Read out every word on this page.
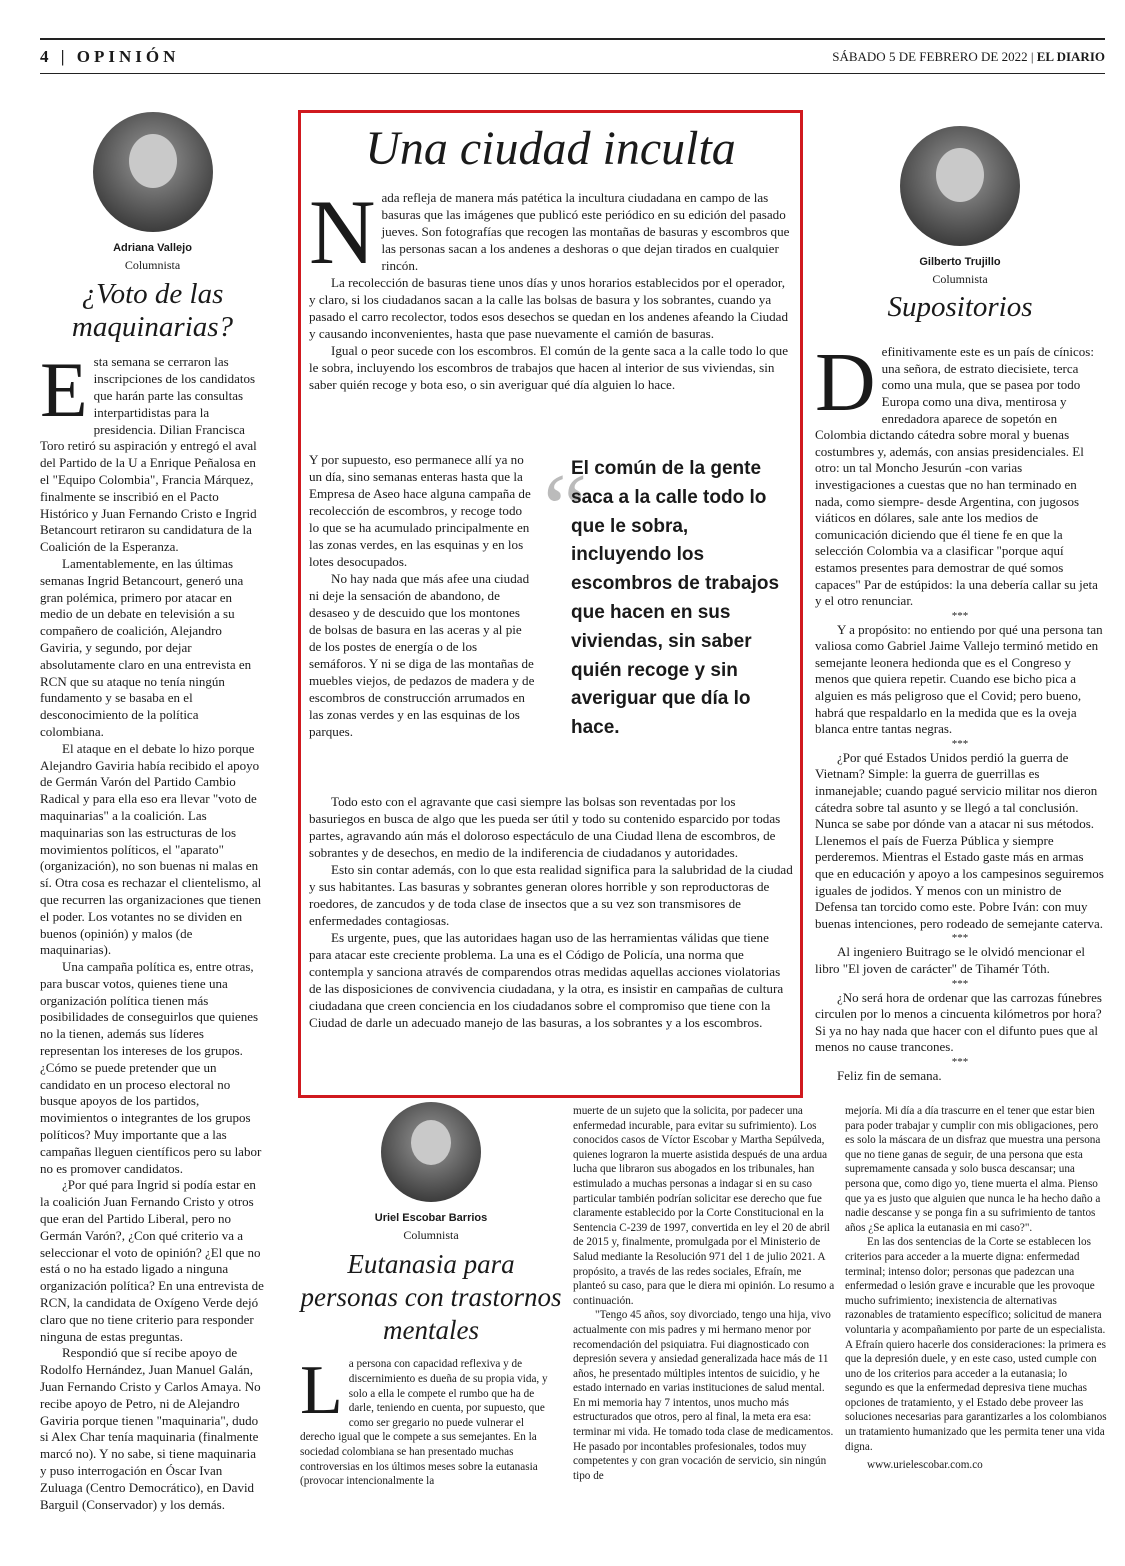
4 | OPINIÓN	SÁBADO 5 DE FEBRERO DE 2022 | EL DIARIO
Adriana Vallejo
Columnista
¿Voto de las maquinarias?
Esta semana se cerraron las inscripciones de los candidatos que harán parte las consultas interpartidistas para la presidencia. Dilian Francisca Toro retiró su aspiración y entregó el aval del Partido de la U a Enrique Peñalosa en el "Equipo Colombia", Francia Márquez, finalmente se inscribió en el Pacto Histórico y Juan Fernando Cristo e Ingrid Betancourt retiraron su candidatura de la Coalición de la Esperanza.

Lamentablemente, en las últimas semanas Ingrid Betancourt, generó una gran polémica, primero por atacar en medio de un debate en televisión a su compañero de coalición, Alejandro Gaviria, y segundo, por dejar absolutamente claro en una entrevista en RCN que su ataque no tenía ningún fundamento y se basaba en el desconocimiento de la política colombiana.

El ataque en el debate lo hizo porque Alejandro Gaviria había recibido el apoyo de Germán Varón del Partido Cambio Radical y para ella eso era llevar "voto de maquinarias" a la coalición. Las maquinarias son las estructuras de los movimientos políticos, el "aparato" (organización), no son buenas ni malas en sí. Otra cosa es rechazar el clientelismo, al que recurren las organizaciones que tienen el poder. Los votantes no se dividen en buenos (opinión) y malos (de maquinarias).

Una campaña política es, entre otras, para buscar votos, quienes tiene una organización política tienen más posibilidades de conseguirlos que quienes no la tienen, además sus líderes representan los intereses de los grupos. ¿Cómo se puede pretender que un candidato en un proceso electoral no busque apoyos de los partidos, movimientos o integrantes de los grupos políticos? Muy importante que a las campañas lleguen científicos pero su labor no es promover candidatos.

¿Por qué para Ingrid si podía estar en la coalición Juan Fernando Cristo y otros que eran del Partido Liberal, pero no Germán Varón?, ¿Con qué criterio va a seleccionar el voto de opinión? ¿El que no está o no ha estado ligado a ninguna organización política? En una entrevista de RCN, la candidata de Oxígeno Verde dejó claro que no tiene criterio para responder ninguna de estas preguntas.

Respondió que sí recibe apoyo de Rodolfo Hernández, Juan Manuel Galán, Juan Fernando Cristo y Carlos Amaya. No recibe apoyo de Petro, ni de Alejandro Gaviria porque tienen "maquinaria", dudo si Alex Char tenía maquinaria (finalmente marcó no). Y no sabe, si tiene maquinaria y puso interrogación en Óscar Ivan Zuluaga (Centro Democrático), en David Barguil (Conservador) y los demás.

Una ciudad inculta
Nada refleja de manera más patética la incultura ciudadana en campo de las basuras que las imágenes que publicó este periódico en su edición del pasado jueves. Son fotografías que recogen las montañas de basuras y escombros que las personas sacan a los andenes a deshoras o que dejan tirados en cualquier rincón.

La recolección de basuras tiene unos días y unos horarios establecidos por el operador, y claro, si los ciudadanos sacan a la calle las bolsas de basura y los sobrantes, cuando ya pasado el carro recolector, todos esos desechos se quedan en los andenes afeando la Ciudad y causando inconvenientes, hasta que pase nuevamente el camión de basuras.

Igual o peor sucede con los escombros. El común de la gente saca a la calle todo lo que le sobra, incluyendo los escombros de trabajos que hacen al interior de sus viviendas, sin saber quién recoge y bota eso, o sin averiguar qué día alguien lo hace.

Y por supuesto, eso permanece allí ya no un día, sino semanas enteras hasta que la Empresa de Aseo hace alguna campaña de recolección de escombros, y recoge todo lo que se ha acumulado principalmente en las zonas verdes, en las esquinas y en los lotes desocupados.

No hay nada que más afee una ciudad ni deje la sensación de abandono, de desaseo y de descuido que los montones de bolsas de basura en las aceras y al pie de los postes de energía o de los semáforos. Y ni se diga de las montañas de muebles viejos, de pedazos de madera y de escombros de construcción arrumados en las zonas verdes y en las esquinas de los parques.

“
El común de la gente saca a la calle todo lo que le sobra, incluyendo los escombros de trabajos que hacen en sus viviendas, sin saber quién recoge y sin averiguar que día lo hace.

Todo esto con el agravante que casi siempre las bolsas son reventadas por los basuriegos en busca de algo que les pueda ser útil y todo su contenido esparcido por todas partes, agravando aún más el doloroso espectáculo de una Ciudad llena de escombros, de sobrantes y de desechos, en medio de la indiferencia de ciudadanos y autoridades.

Esto sin contar además, con lo que esta realidad significa para la salubridad de la ciudad y sus habitantes. Las basuras y sobrantes generan olores horrible y son reproductoras de roedores, de zancudos y de toda clase de insectos que a su vez son transmisores de enfermedades contagiosas.

Es urgente, pues, que las autoridaes hagan uso de las herramientas válidas que tiene para atacar este creciente problema. La una es el Código de Policía, una norma que contempla y sanciona através de comparendos otras medidas aquellas acciones violatorias de las disposiciones de convivencia ciudadana, y la otra, es insistir en campañas de cultura ciudadana que creen conciencia en los ciudadanos sobre el compromiso que tiene con la Ciudad de darle un adecuado manejo de las basuras, a los sobrantes y a los escombros.

Gilberto Trujillo
Columnista
Supositorios
D efinitivamente este es un país de cínicos: una señora, de estrato diecisiete, terca como una mula, que se pasea por todo Europa como una diva, mentirosa y enredadora aparece de sopetón en Colombia dictando cátedra sobre moral y buenas costumbres y, además, con ansias presidenciales. El otro: un tal Moncho Jesurún -con varias investigaciones a cuestas que no han terminado en nada, como siempre- desde Argentina, con jugosos viáticos en dólares, sale ante los medios de comunicación diciendo que él tiene fe en que la selección Colombia va a clasificar "porque aquí estamos presentes para demostrar de qué somos capaces" Par de estúpidos: la una debería callar su jeta y el otro renunciar.
***

Y a propósito: no entiendo por qué una persona tan valiosa como Gabriel Jaime Vallejo terminó metido en semejante leonera hedionda que es el Congreso y menos que quiera repetir. Cuando ese bicho pica a alguien es más peligroso que el Covid; pero bueno, habrá que respaldarlo en la medida que es la oveja blanca entre tantas negras.

***

¿Por qué Estados Unidos perdió la guerra de Vietnam? Simple: la guerra de guerrillas es inmanejable; cuando pagué servicio militar nos dieron cátedra sobre tal asunto y se llegó a tal conclusión. Nunca se sabe por dónde van a atacar ni sus métodos. Llenemos el país de Fuerza Pública y siempre perderemos. Mientras el Estado gaste más en armas que en educación y apoyo a los campesinos seguiremos iguales de jodidos. Y menos con un ministro de Defensa tan torcido como este. Pobre Iván: con muy buenas intenciones, pero rodeado de semejante caterva.

***

Al ingeniero Buitrago se le olvidó mencionar el libro "El joven de carácter" de Tihamér Tóth.

***

¿No será hora de ordenar que las carrozas fúnebres circulen por lo menos a cincuenta kilómetros por hora? Si ya no hay nada que hacer con el difunto pues que al menos no cause trancones.

***

Feliz fin de semana.

Uriel Escobar Barrios
Columnista
Eutanasia para personas con trastornos mentales
La persona con capacidad reflexiva y de discernimiento es dueña de su propia vida, y solo a ella le compete el rumbo que ha de darle, teniendo en cuenta, por supuesto, que como ser gregario no puede vulnerar el derecho igual que le compete a sus semejantes. En la sociedad colombiana se han presentado muchas controversias en los últimos meses sobre la eutanasia (provocar intencionalmente la
muerte de un sujeto que la solicita, por padecer una enfermedad incurable, para evitar su sufrimiento). Los conocidos casos de Víctor Escobar y Martha Sepúlveda, quienes lograron la muerte asistida después de una ardua lucha que libraron sus abogados en los tribunales, han estimulado a muchas personas a indagar si en su caso particular también podrían solicitar ese derecho que fue claramente establecido por la Corte Constitucional en la Sentencia C-239 de 1997, convertida en ley el 20 de abril de 2015 y, finalmente, promulgada por el Ministerio de Salud mediante la Resolución 971 del 1 de julio 2021. A propósito, a través de las redes sociales, Efraín, me planteó su caso, para que le diera mi opinión. Lo resumo a continuación.

"Tengo 45 años, soy divorciado, tengo una hija, vivo actualmente con mis padres y mi hermano menor por recomendación del psiquiatra. Fui diagnosticado con depresión severa y ansiedad generalizada hace más de 11 años, he presentado múltiples intentos de suicidio, y he estado internado en varias instituciones de salud mental. En mi memoria hay 7 intentos, unos mucho más estructurados que otros, pero al final, la meta era esa: terminar mi vida. He tomado toda clase de medicamentos. He pasado por incontables profesionales, todos muy competentes y con gran vocación de servicio, sin ningún tipo de

mejoría. Mi día a día trascurre en el tener que estar bien para poder trabajar y cumplir con mis obligaciones, pero es solo la máscara de un disfraz que muestra una persona que no tiene ganas de seguir, de una persona que esta supremamente cansada y solo busca descansar; una persona que, como digo yo, tiene muerta el alma. Pienso que ya es justo que alguien que nunca le ha hecho daño a nadie descanse y se ponga fin a su sufrimiento de tantos años ¿Se aplica la eutanasia en mi caso?".

En las dos sentencias de la Corte se establecen los criterios para acceder a la muerte digna: enfermedad terminal; intenso dolor; personas que padezcan una enfermedad o lesión grave e incurable que les provoque mucho sufrimiento; inexistencia de alternativas razonables de tratamiento específico; solicitud de manera voluntaria y acompañamiento por parte de un especialista. A Efraín quiero hacerle dos consideraciones: la primera es que la depresión duele, y en este caso, usted cumple con uno de los criterios para acceder a la eutanasia; lo segundo es que la enfermedad depresiva tiene muchas opciones de tratamiento, y el Estado debe proveer las soluciones necesarias para garantizarles a los colombianos un tratamiento humanizado que les permita tener una vida digna.

www.urielescobar.com.co
